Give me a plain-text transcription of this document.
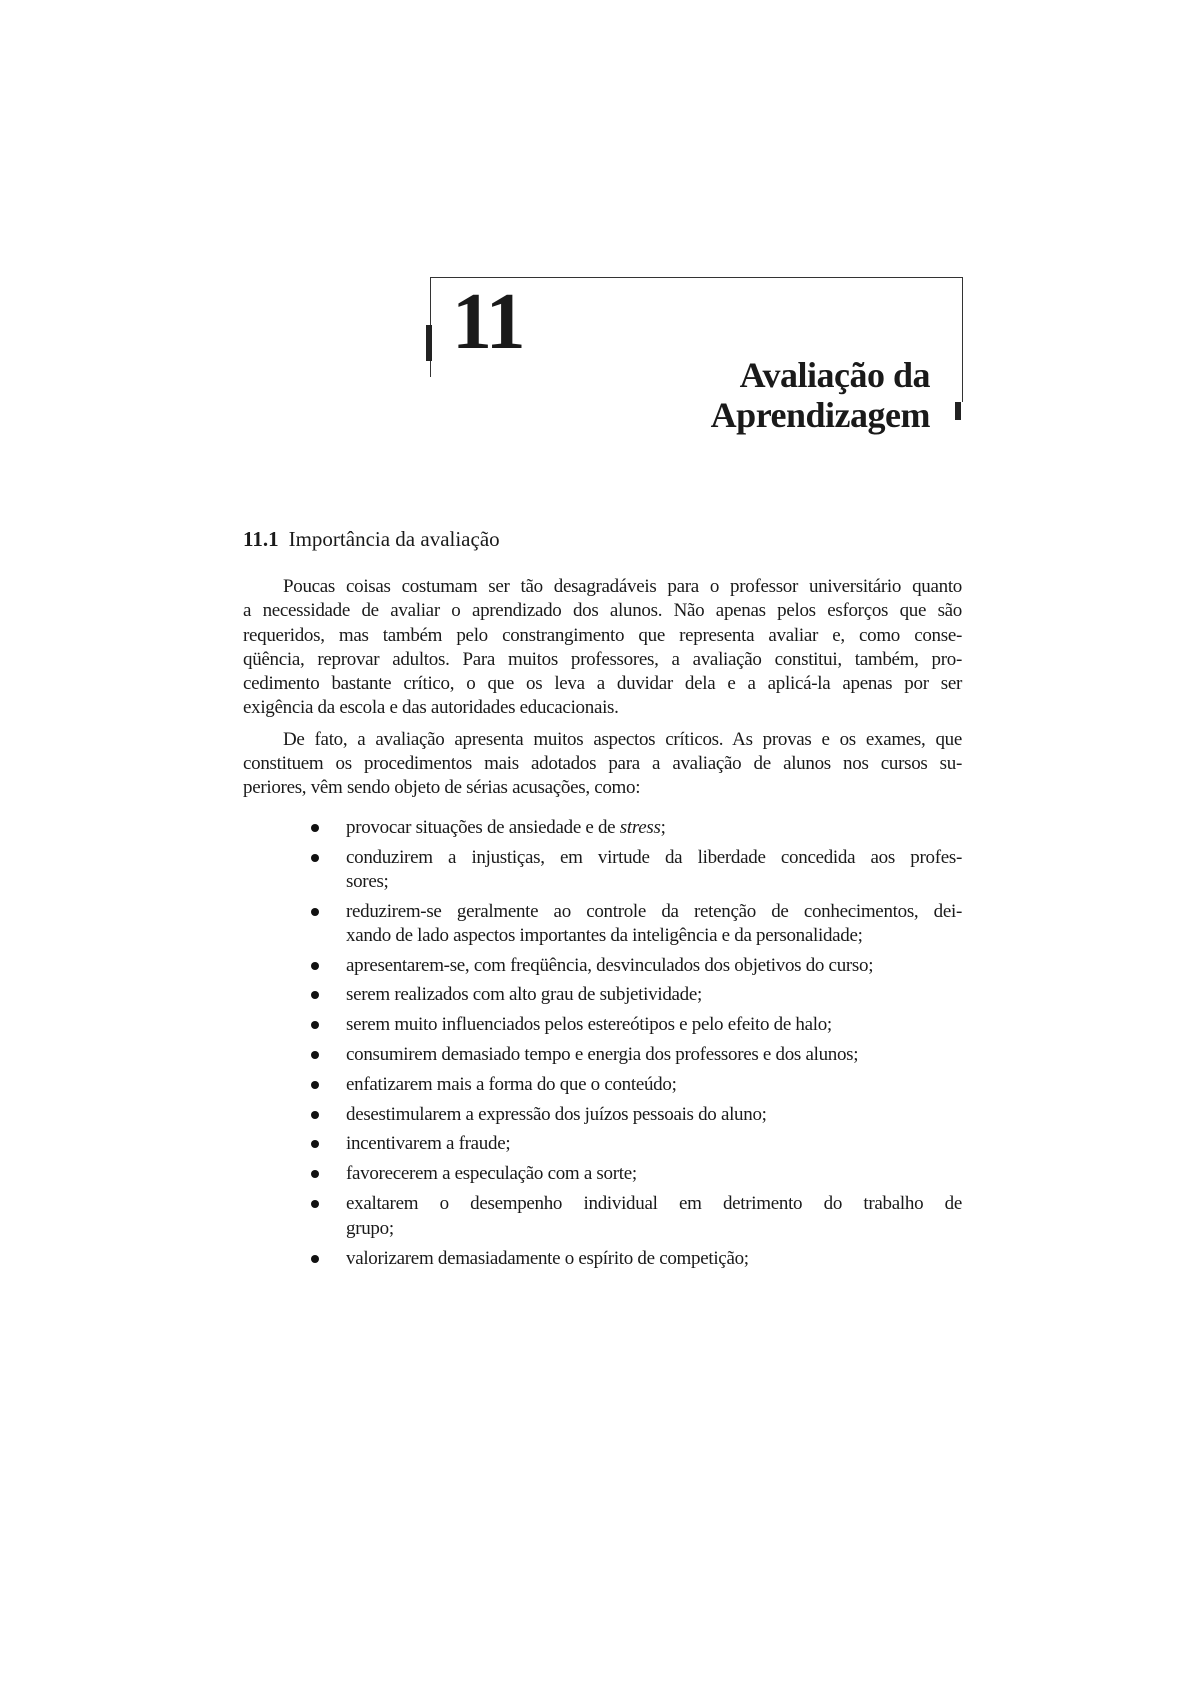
11
Avaliação da
Aprendizagem
11.1 Importância da avaliação
Poucas coisas costumam ser tão desagradáveis para o professor universitário quanto
a necessidade de avaliar o aprendizado dos alunos. Não apenas pelos esforços que são
requeridos, mas também pelo constrangimento que representa avaliar e, como conse-
qüência, reprovar adultos. Para muitos professores, a avaliação constitui, também, pro-
cedimento bastante crítico, o que os leva a duvidar dela e a aplicá-la apenas por ser
exigência da escola e das autoridades educacionais.
De fato, a avaliação apresenta muitos aspectos críticos. As provas e os exames, que
constituem os procedimentos mais adotados para a avaliação de alunos nos cursos su-
periores, vêm sendo objeto de sérias acusações, como:
provocar situações de ansiedade e de stress;
conduzirem a injustiças, em virtude da liberdade concedida aos profes-
sores;
reduzirem-se geralmente ao controle da retenção de conhecimentos, dei-
xando de lado aspectos importantes da inteligência e da personalidade;
apresentarem-se, com freqüência, desvinculados dos objetivos do curso;
serem realizados com alto grau de subjetividade;
serem muito influenciados pelos estereótipos e pelo efeito de halo;
consumirem demasiado tempo e energia dos professores e dos alunos;
enfatizarem mais a forma do que o conteúdo;
desestimularem a expressão dos juízos pessoais do aluno;
incentivarem a fraude;
favorecerem a especulação com a sorte;
exaltarem o desempenho individual em detrimento do trabalho de
grupo;
valorizarem demasiadamente o espírito de competição;
